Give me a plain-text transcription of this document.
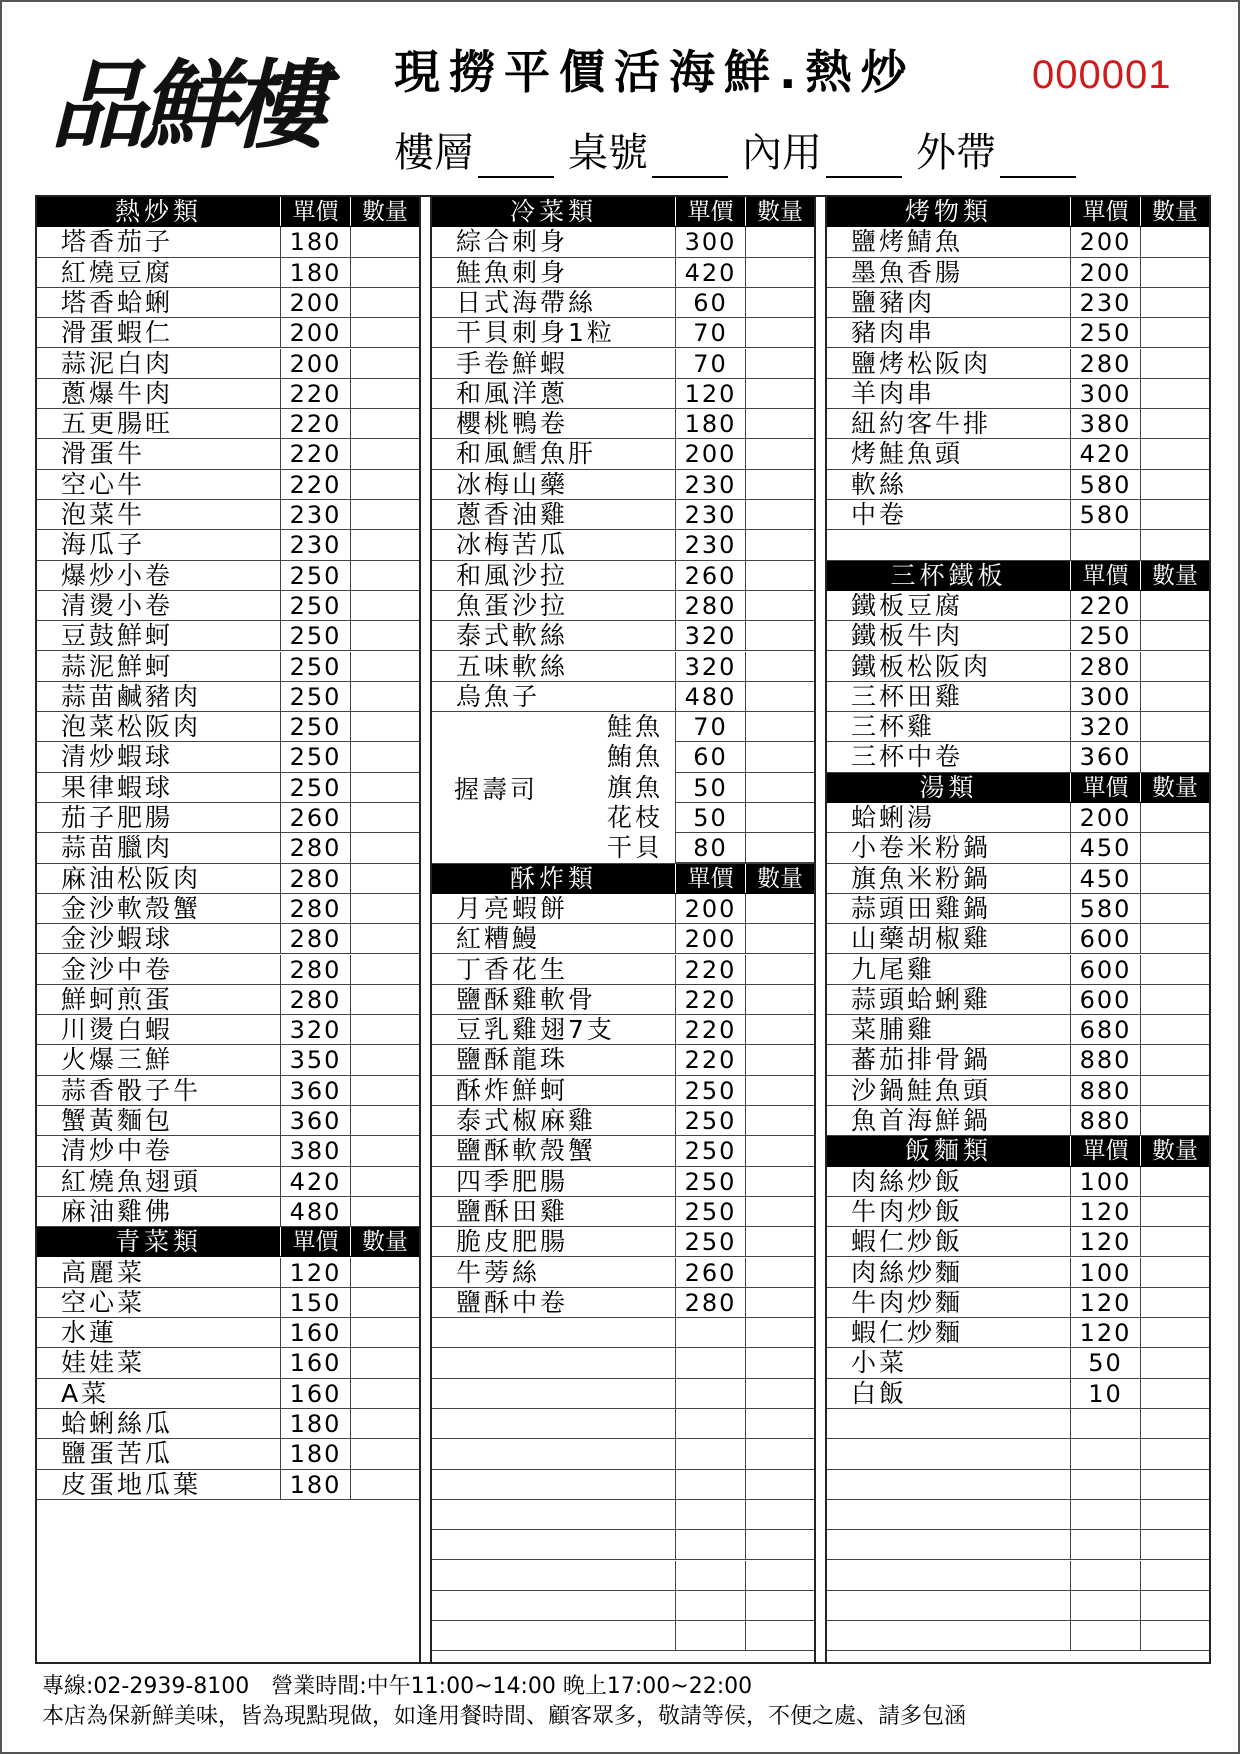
品鮮樓	現撈平價活海鮮.熱炒	000001
樓層 桌號 內用 外帶
熱炒類	單價	數量
塔香茄子	180
紅燒豆腐	180
塔香蛤蜊	200
滑蛋蝦仁	200
蒜泥白肉	200
蔥爆牛肉	220
五更腸旺	220
滑蛋牛	220
空心牛	220
泡菜牛	230
海瓜子	230
爆炒小卷	250
清燙小卷	250
豆鼓鮮蚵	250
蒜泥鮮蚵	250
蒜苗鹹豬肉	250
泡菜松阪肉	250
清炒蝦球	250
果律蝦球	250
茄子肥腸	260
蒜苗臘肉	280
麻油松阪肉	280
金沙軟殼蟹	280
金沙蝦球	280
金沙中卷	280
鮮蚵煎蛋	280
川燙白蝦	320
火爆三鮮	350
蒜香骰子牛	360
蟹黃麵包	360
清炒中卷	380
紅燒魚翅頭	420
麻油雞佛	480
青菜類	單價	數量
高麗菜	120
空心菜	150
水蓮	160
娃娃菜	160
A菜	160
蛤蜊絲瓜	180
鹽蛋苦瓜	180
皮蛋地瓜葉	180
冷菜類	單價	數量
綜合刺身	300
鮭魚刺身	420
日式海帶絲	60
干貝刺身1粒	70
手卷鮮蝦	70
和風洋蔥	120
櫻桃鴨卷	180
和風鱈魚肝	200
冰梅山藥	230
蔥香油雞	230
冰梅苦瓜	230
和風沙拉	260
魚蛋沙拉	280
泰式軟絲	320
五味軟絲	320
烏魚子	480
鮭魚	70
鮪魚	60
旗魚	50
花枝	50
干貝	80
握壽司
酥炸類	單價	數量
月亮蝦餅	200
紅糟鰻	200
丁香花生	220
鹽酥雞軟骨	220
豆乳雞翅7支	220
鹽酥龍珠	220
酥炸鮮蚵	250
泰式椒麻雞	250
鹽酥軟殼蟹	250
四季肥腸	250
鹽酥田雞	250
脆皮肥腸	250
牛蒡絲	260
鹽酥中卷	280
烤物類	單價	數量
鹽烤鯖魚	200
墨魚香腸	200
鹽豬肉	230
豬肉串	250
鹽烤松阪肉	280
羊肉串	300
紐約客牛排	380
烤鮭魚頭	420
軟絲	580
中卷	580
三杯鐵板	單價	數量
鐵板豆腐	220
鐵板牛肉	250
鐵板松阪肉	280
三杯田雞	300
三杯雞	320
三杯中卷	360
湯類	單價	數量
蛤蜊湯	200
小卷米粉鍋	450
旗魚米粉鍋	450
蒜頭田雞鍋	580
山藥胡椒雞	600
九尾雞	600
蒜頭蛤蜊雞	600
菜脯雞	680
蕃茄排骨鍋	880
沙鍋鮭魚頭	880
魚首海鮮鍋	880
飯麵類	單價	數量
肉絲炒飯	100
牛肉炒飯	120
蝦仁炒飯	120
肉絲炒麵	100
牛肉炒麵	120
蝦仁炒麵	120
小菜	50
白飯	10
專線:02-2939-8100　營業時間:中午11:00~14:00 晚上17:00~22:00
本店為保新鮮美味，皆為現點現做，如逢用餐時間、顧客眾多，敬請等侯，不便之處、請多包涵
